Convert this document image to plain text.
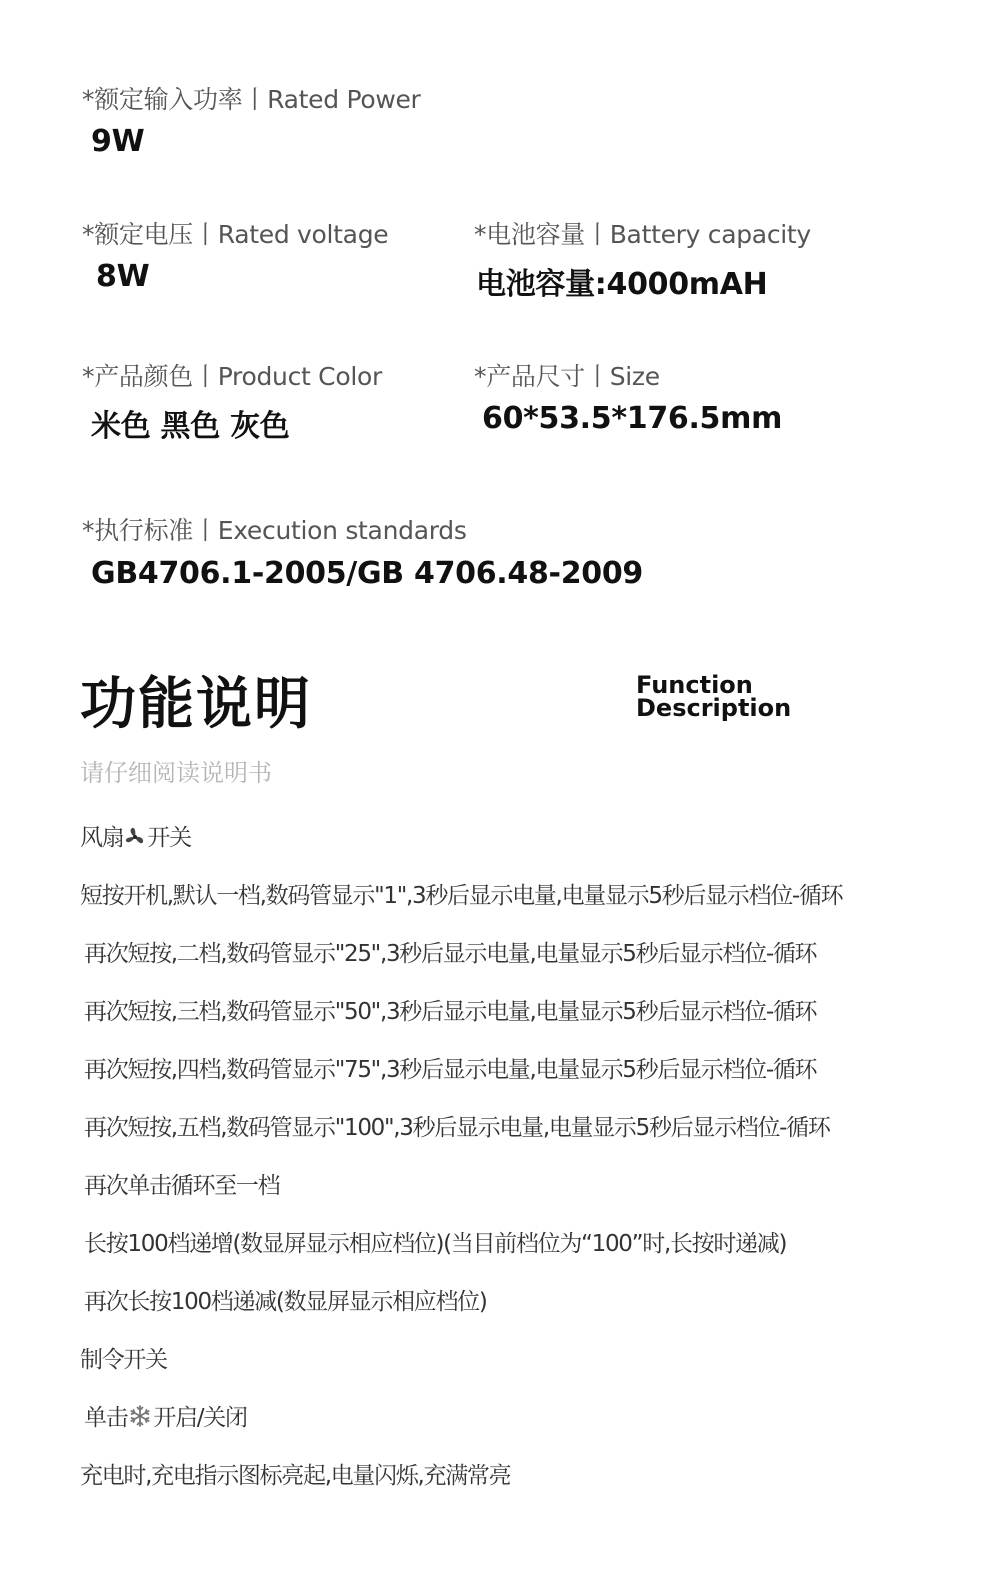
*额定输入功率丨Rated Power
9W
*额定电压丨Rated voltage
8W
*电池容量丨Battery capacity
电池容量:4000mAH
*产品颜色丨Product Color
米色 黑色 灰色
*产品尺寸丨Size
60*53.5*176.5mm
*执行标准丨Execution standards
GB4706.1-2005/GB 4706.48-2009
功能说明	Function
Description
请仔细阅读说明书
风扇 开关
短按开机,默认一档,数码管显示"1",3秒后显示电量,电量显示5秒后显示档位-循环
再次短按,二档,数码管显示"25",3秒后显示电量,电量显示5秒后显示档位-循环
再次短按,三档,数码管显示"50",3秒后显示电量,电量显示5秒后显示档位-循环
再次短按,四档,数码管显示"75",3秒后显示电量,电量显示5秒后显示档位-循环
再次短按,五档,数码管显示"100",3秒后显示电量,电量显示5秒后显示档位-循环
再次单击循环至一档
长按100档递增(数显屏显示相应档位)(当目前档位为“100”时,长按时递减)
再次长按100档递减(数显屏显示相应档位)
制令开关
单击 开启/关闭
充电时,充电指示图标亮起,电量闪烁,充满常亮
